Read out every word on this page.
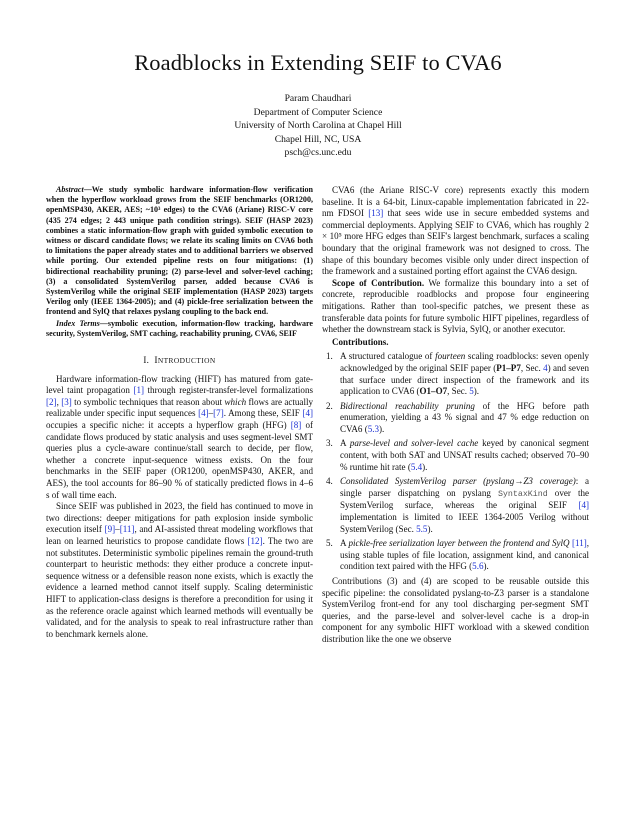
Roadblocks in Extending SEIF to CVA6
Param Chaudhari
Department of Computer Science
University of North Carolina at Chapel Hill
Chapel Hill, NC, USA
psch@cs.unc.edu

Abstract—We study symbolic hardware information-flow verification when the hyperflow workload grows from the SEIF benchmarks (OR1200, openMSP430, AKER, AES; ~10³ edges) to the CVA6 (Ariane) RISC-V core (435 274 edges; 2 443 unique path condition strings). SEIF (HASP 2023) combines a static information-flow graph with guided symbolic execution to witness or discard candidate flows; we relate its scaling limits on CVA6 both to limitations the paper already states and to additional barriers we observed while porting. Our extended pipeline rests on four mitigations: (1) bidirectional reachability pruning; (2) parse-level and solver-level caching; (3) a consolidated SystemVerilog parser, added because CVA6 is SystemVerilog while the original SEIF implementation (HASP 2023) targets Verilog only (IEEE 1364-2005); and (4) pickle-free serialization between the frontend and SylQ that relaxes pyslang coupling to the back end.

Index Terms—symbolic execution, information-flow tracking, hardware security, SystemVerilog, SMT caching, reachability pruning, CVA6, SEIF

I. INTRODUCTION

Hardware information-flow tracking (HIFT) has matured from gate-level taint propagation [1] through register-transfer-level formalizations [2], [3] to symbolic techniques that reason about which flows are actually realizable under specific input sequences [4]–[7]. Among these, SEIF [4] occupies a specific niche: it accepts a hyperflow graph (HFG) [8] of candidate flows produced by static analysis and uses segment-level SMT queries plus a cycle-aware continue/stall search to decide, per flow, whether a concrete input-sequence witness exists. On the four benchmarks in the SEIF paper (OR1200, openMSP430, AKER, and AES), the tool accounts for 86–90 % of statically predicted flows in 4–6 s of wall time each.

Since SEIF was published in 2023, the field has continued to move in two directions: deeper mitigations for path explosion inside symbolic execution itself [9]–[11], and AI-assisted threat modeling workflows that lean on learned heuristics to propose candidate flows [12]. The two are not substitutes. Deterministic symbolic pipelines remain the ground-truth counterpart to heuristic methods: they either produce a concrete input-sequence witness or a defensible reason none exists, which is exactly the evidence a learned method cannot itself supply. Scaling deterministic HIFT to application-class designs is therefore a precondition for using it as the reference oracle against which learned methods will eventually be validated, and for the analysis to speak to real infrastructure rather than to benchmark kernels alone.

CVA6 (the Ariane RISC-V core) represents exactly this modern baseline. It is a 64-bit, Linux-capable implementation fabricated in 22-nm FDSOI [13] that sees wide use in secure embedded systems and commercial deployments. Applying SEIF to CVA6, which has roughly 2 × 10⁵ more HFG edges than SEIF's largest benchmark, surfaces a scaling boundary that the original framework was not designed to cross. The shape of this boundary becomes visible only under direct inspection of the framework and a sustained porting effort against the CVA6 design.

Scope of Contribution. We formalize this boundary into a set of concrete, reproducible roadblocks and propose four engineering mitigations. Rather than tool-specific patches, we present these as transferable data points for future symbolic HIFT pipelines, regardless of whether the downstream stack is Sylvia, SylQ, or another executor.

Contributions.

1. A structured catalogue of fourteen scaling roadblocks: seven openly acknowledged by the original SEIF paper (P1–P7, Sec. 4) and seven that surface under direct inspection of the framework and its application to CVA6 (O1–O7, Sec. 5).
2. Bidirectional reachability pruning of the HFG before path enumeration, yielding a 43 % signal and 47 % edge reduction on CVA6 (5.3).
3. A parse-level and solver-level cache keyed by canonical segment content, with both SAT and UNSAT results cached; observed 70–90 % runtime hit rate (5.4).
4. Consolidated SystemVerilog parser (pyslang→Z3 coverage): a single parser dispatching on pyslang SyntaxKind over the SystemVerilog surface, whereas the original SEIF [4] implementation is limited to IEEE 1364-2005 Verilog without SystemVerilog (Sec. 5.5).
5. A pickle-free serialization layer between the frontend and SylQ [11], using stable tuples of file location, assignment kind, and canonical condition text paired with the HFG (5.6).

Contributions (3) and (4) are scoped to be reusable outside this specific pipeline: the consolidated pyslang-to-Z3 parser is a standalone SystemVerilog front-end for any tool discharging per-segment SMT queries, and the parse-level and solver-level cache is a drop-in component for any symbolic HIFT workload with a skewed condition distribution like the one we observe
